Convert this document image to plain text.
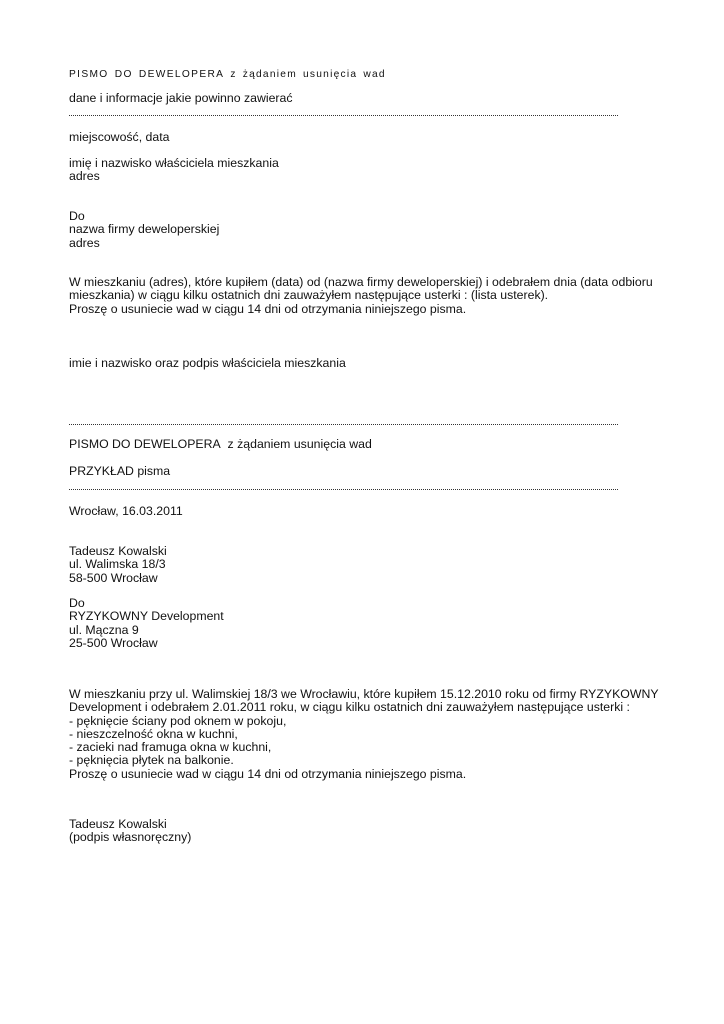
PISMO DO DEWELOPERA z żądaniem usunięcia wad
dane i informacje jakie powinno zawierać
miejscowość, data
imię i nazwisko właściciela mieszkania
adres
Do
nazwa firmy deweloperskiej
adres
W mieszkaniu (adres), które kupiłem (data) od (nazwa firmy deweloperskiej) i odebrałem dnia (data odbioru
mieszkania) w ciągu kilku ostatnich dni zauważyłem następujące usterki : (lista usterek).
Proszę o usuniecie wad w ciągu 14 dni od otrzymania niniejszego pisma.
imie i nazwisko oraz podpis właściciela mieszkania
PISMO DO DEWELOPERA z żądaniem usunięcia wad
PRZYKŁAD pisma
Wrocław, 16.03.2011
Tadeusz Kowalski
ul. Walimska 18/3
58-500 Wrocław
Do
RYZYKOWNY Development
ul. Mączna 9
25-500 Wrocław
W mieszkaniu przy ul. Walimskiej 18/3 we Wrocławiu, które kupiłem 15.12.2010 roku od firmy RYZYKOWNY
Development i odebrałem 2.01.2011 roku, w ciągu kilku ostatnich dni zauważyłem następujące usterki :
- pęknięcie ściany pod oknem w pokoju,
- nieszczelność okna w kuchni,
- zacieki nad framuga okna w kuchni,
- pęknięcia płytek na balkonie.
Proszę o usuniecie wad w ciągu 14 dni od otrzymania niniejszego pisma.
Tadeusz Kowalski
(podpis własnoręczny)
